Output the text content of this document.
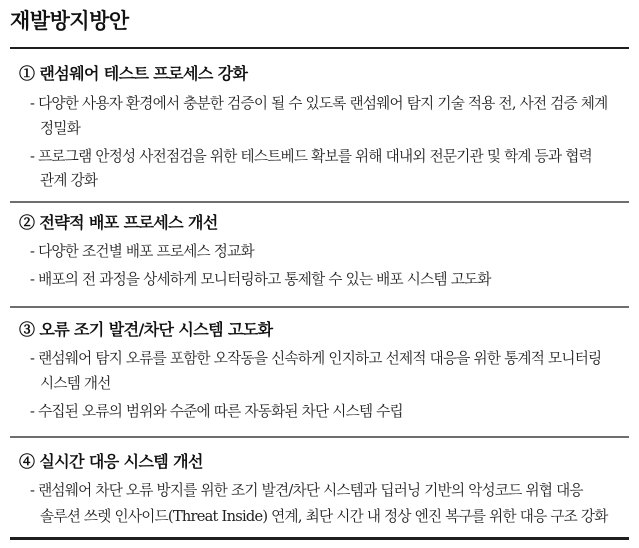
재발방지방안
① 랜섬웨어 테스트 프로세스 강화
- 다양한 사용자 환경에서 충분한 검증이 될 수 있도록 랜섬웨어 탐지 기술 적용 전, 사전 검증 체계
정밀화
- 프로그램 안정성 사전점검을 위한 테스트베드 확보를 위해 대내외 전문기관 및 학계 등과 협력
관계 강화
② 전략적 배포 프로세스 개선
- 다양한 조건별 배포 프로세스 정교화
- 배포의 전 과정을 상세하게 모니터링하고 통제할 수 있는 배포 시스템 고도화
③ 오류 조기 발견/차단 시스템 고도화
- 랜섬웨어 탐지 오류를 포함한 오작동을 신속하게 인지하고 선제적 대응을 위한 통계적 모니터링
시스템 개선
- 수집된 오류의 범위와 수준에 따른 자동화된 차단 시스템 수립
④ 실시간 대응 시스템 개선
- 랜섬웨어 차단 오류 방지를 위한 조기 발견/차단 시스템과 딥러닝 기반의 악성코드 위협 대응
솔루션 쓰렛 인사이드(Threat Inside) 연계, 최단 시간 내 정상 엔진 복구를 위한 대응 구조 강화
